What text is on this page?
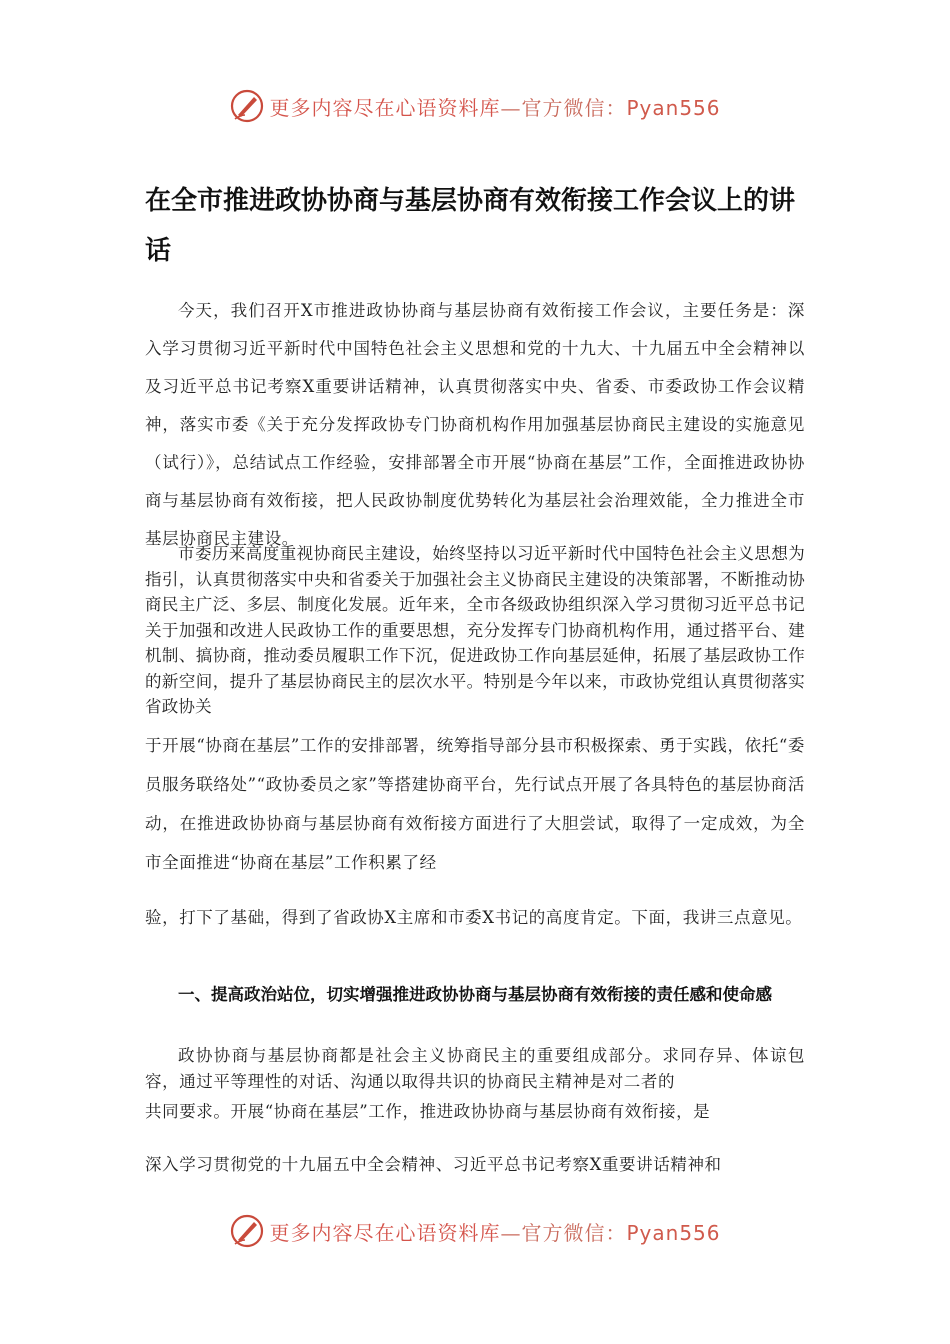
更多内容尽在心语资料库—官方微信：Pyan556
在全市推进政协协商与基层协商有效衔接工作会议上的讲话

今天，我们召开X市推进政协协商与基层协商有效衔接工作会议，主要任务是：深入学习贯彻习近平新时代中国特色社会主义思想和党的十九大、十九届五中全会精神以及习近平总书记考察X重要讲话精神，认真贯彻落实中央、省委、市委政协工作会议精神，落实市委《关于充分发挥政协专门协商机构作用加强基层协商民主建设的实施意见（试行）》，总结试点工作经验，安排部署全市开展“协商在基层”工作，全面推进政协协商与基层协商有效衔接，把人民政协制度优势转化为基层社会治理效能，全力推进全市基层协商民主建设。

市委历来高度重视协商民主建设，始终坚持以习近平新时代中国特色社会主义思想为指引，认真贯彻落实中央和省委关于加强社会主义协商民主建设的决策部署，不断推动协商民主广泛、多层、制度化发展。近年来，全市各级政协组织深入学习贯彻习近平总书记关于加强和改进人民政协工作的重要思想，充分发挥专门协商机构作用，通过搭平台、建机制、搞协商，推动委员履职工作下沉，促进政协工作向基层延伸，拓展了基层政协工作的新空间，提升了基层协商民主的层次水平。特别是今年以来，市政协党组认真贯彻落实省政协关

于开展“协商在基层”工作的安排部署，统筹指导部分县市积极探索、勇于实践，依托“委员服务联络处”“政协委员之家”等搭建协商平台，先行试点开展了各具特色的基层协商活动，在推进政协协商与基层协商有效衔接方面进行了大胆尝试，取得了一定成效，为全市全面推进“协商在基层”工作积累了经

验，打下了基础，得到了省政协X主席和市委X书记的高度肯定。下面，我讲三点意见。

一、提高政治站位，切实增强推进政协协商与基层协商有效衔接的责任感和使命感

政协协商与基层协商都是社会主义协商民主的重要组成部分。求同存异、体谅包容，通过平等理性的对话、沟通以取得共识的协商民主精神是对二者的

共同要求。开展“协商在基层”工作，推进政协协商与基层协商有效衔接，是

深入学习贯彻党的十九届五中全会精神、习近平总书记考察X重要讲话精神和

更多内容尽在心语资料库—官方微信：Pyan556
